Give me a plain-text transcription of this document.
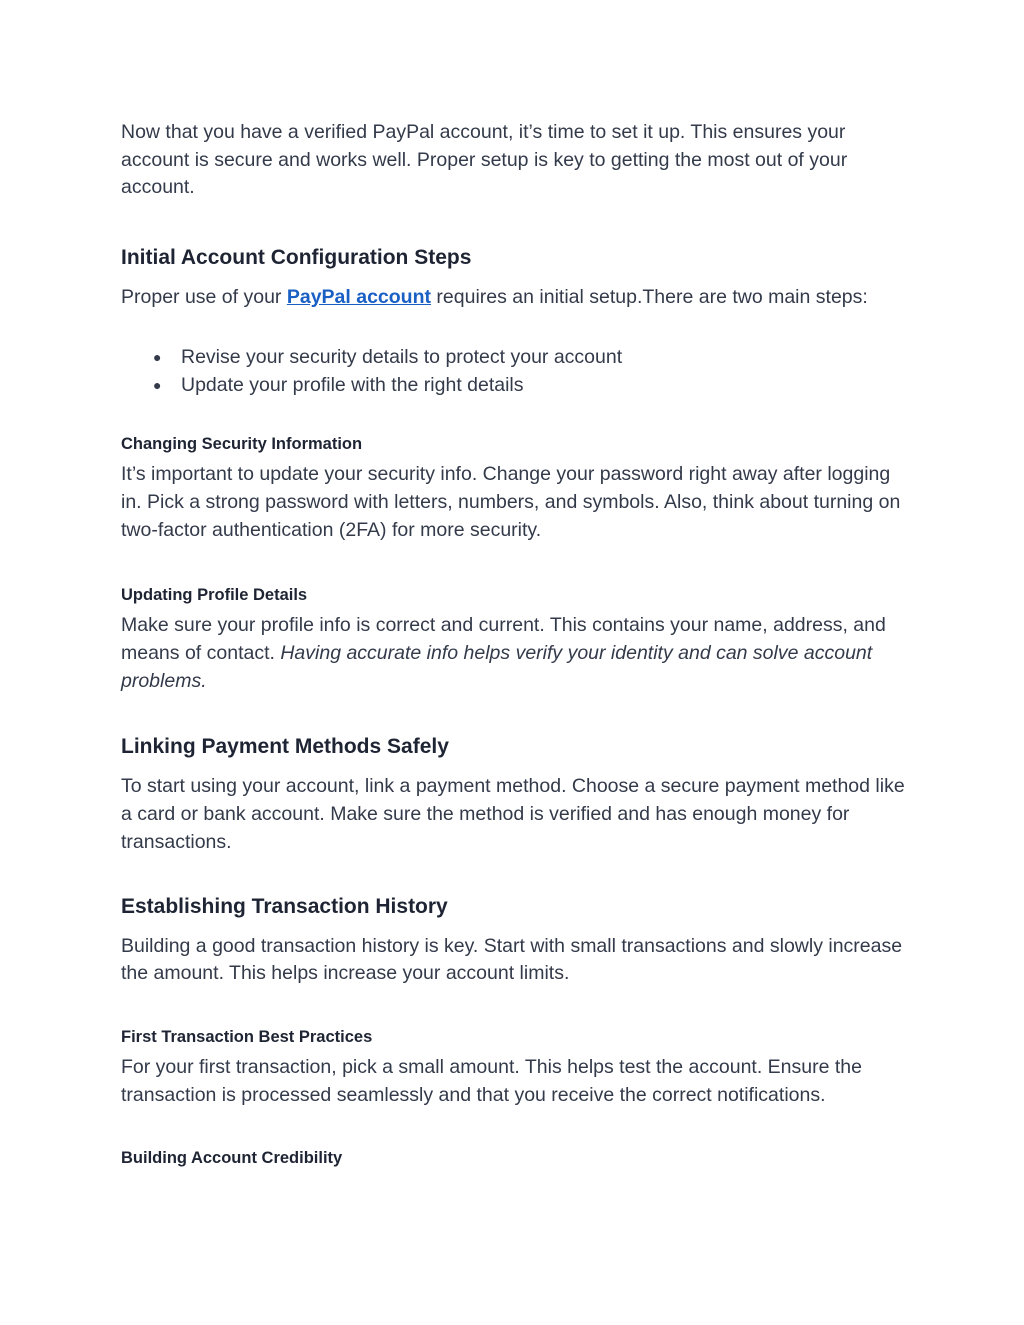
Now that you have a verified PayPal account, it’s time to set it up. This ensures your account is secure and works well. Proper setup is key to getting the most out of your account.

Initial Account Configuration Steps

Proper use of your PayPal account requires an initial setup.There are two main steps:

● Revise your security details to protect your account
● Update your profile with the right details
Changing Security Information

It’s important to update your security info. Change your password right away after logging in. Pick a strong password with letters, numbers, and symbols. Also, think about turning on two-factor authentication (2FA) for more security.

Updating Profile Details

Make sure your profile info is correct and current. This contains your name, address, and means of contact. Having accurate info helps verify your identity and can solve account problems.

Linking Payment Methods Safely

To start using your account, link a payment method. Choose a secure payment method like a card or bank account. Make sure the method is verified and has enough money for transactions.

Establishing Transaction History

Building a good transaction history is key. Start with small transactions and slowly increase the amount. This helps increase your account limits.

First Transaction Best Practices

For your first transaction, pick a small amount. This helps test the account. Ensure the transaction is processed seamlessly and that you receive the correct notifications.

Building Account Credibility
